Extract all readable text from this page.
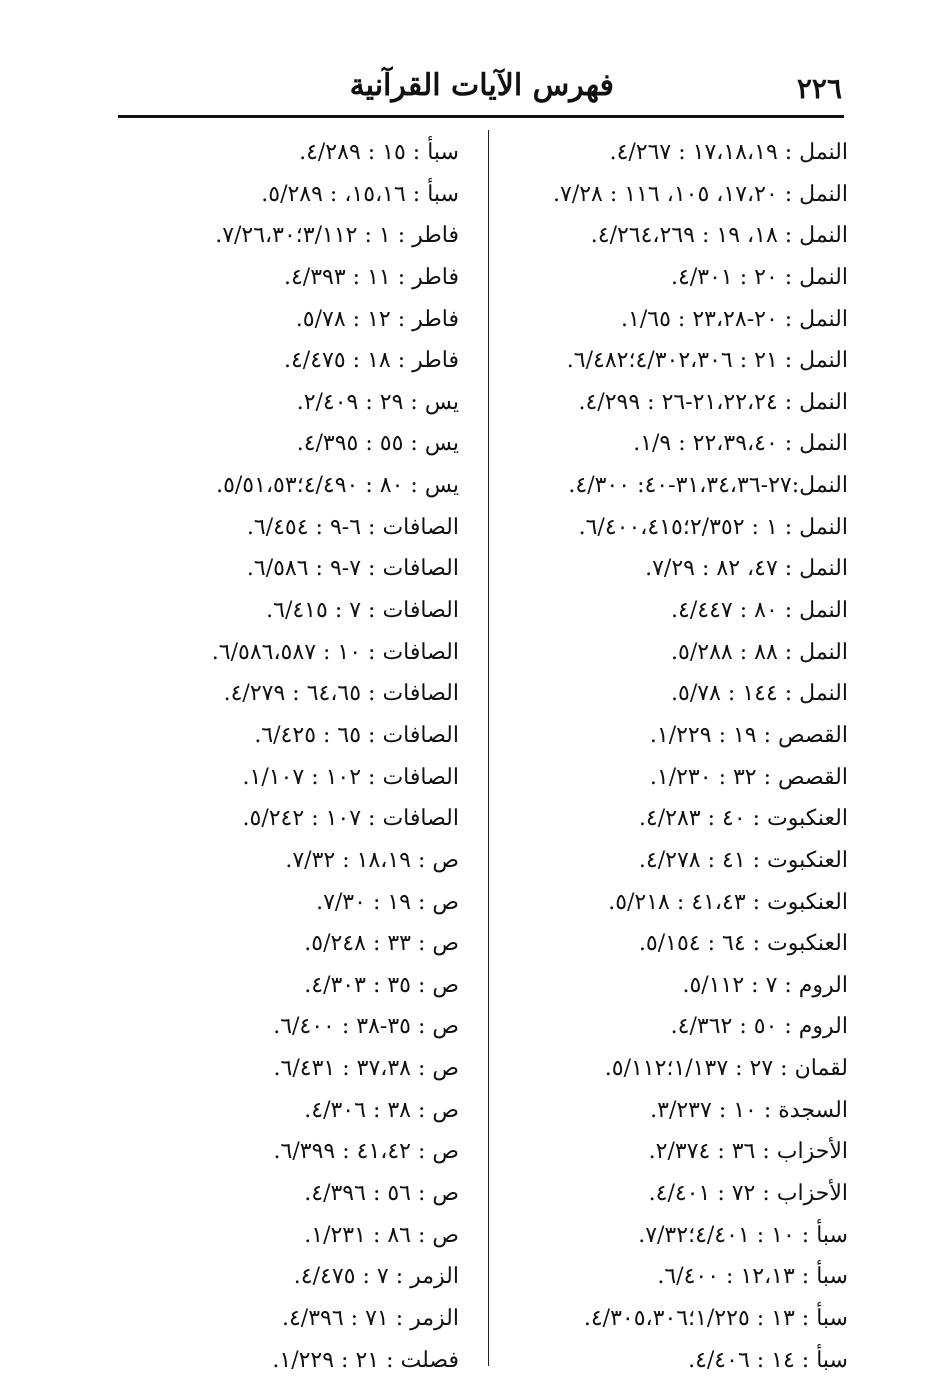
٢٢٦
فهرس الآيات القرآنية
النمل : ١٧،١٨،١٩ : ٤/٢٦٧.
النمل : ١٧،٢٠، ١٠٥، ١١٦ : ٧/٢٨.
النمل : ١٨، ١٩ : ٤/٢٦٤،٢٦٩.
النمل : ٢٠ : ٤/٣٠١.
النمل : ٢٠-٢٣،٢٨ : ١/٦٥.
النمل : ٢١ : ٤/٣٠٢،٣٠٦؛٦/٤٨٢.
النمل : ٢١،٢٢،٢٤-٢٦ : ٤/٢٩٩.
النمل : ٢٢،٣٩،٤٠ : ١/٩.
النمل:٢٧-٣١،٣٤،٣٦-٤٠: ٤/٣٠٠.
النمل : ١ : ٢/٣٥٢؛٦/٤٠٠،٤١٥.
النمل : ٤٧، ٨٢ : ٧/٢٩.
النمل : ٨٠ : ٤/٤٤٧.
النمل : ٨٨ : ٥/٢٨٨.
النمل : ١٤٤ : ٥/٧٨.
القصص : ١٩ : ١/٢٢٩.
القصص : ٣٢ : ١/٢٣٠.
العنكبوت : ٤٠ : ٤/٢٨٣.
العنكبوت : ٤١ : ٤/٢٧٨.
العنكبوت : ٤١،٤٣ : ٥/٢١٨.
العنكبوت : ٦٤ : ٥/١٥٤.
الروم : ٧ : ٥/١١٢.
الروم : ٥٠ : ٤/٣٦٢.
لقمان : ٢٧ : ١/١٣٧؛٥/١١٢.
السجدة : ١٠ : ٣/٢٣٧.
الأحزاب : ٣٦ : ٢/٣٧٤.
الأحزاب : ٧٢ : ٤/٤٠١.
سبأ : ١٠ : ٤/٤٠١؛٧/٣٢.
سبأ : ١٢،١٣ : ٦/٤٠٠.
سبأ : ١٣ : ١/٢٢٥؛٤/٣٠٥،٣٠٦.
سبأ : ١٤ : ٤/٤٠٦.
سبأ : ١٥ : ٤/٢٨٩.
سبأ : ١٥،١٦، : ٥/٢٨٩.
فاطر : ١ : ٣/١١٢؛٧/٢٦،٣٠.
فاطر : ١١ : ٤/٣٩٣.
فاطر : ١٢ : ٥/٧٨.
فاطر : ١٨ : ٤/٤٧٥.
يس : ٢٩ : ٢/٤٠٩.
يس : ٥٥ : ٤/٣٩٥.
يس : ٨٠ : ٤/٤٩٠؛٥/٥١،٥٣.
الصافات : ٦-٩ : ٦/٤٥٤.
الصافات : ٧-٩ : ٦/٥٨٦.
الصافات : ٧ : ٦/٤١٥.
الصافات : ١٠ : ٦/٥٨٦،٥٨٧.
الصافات : ٦٤،٦٥ : ٤/٢٧٩.
الصافات : ٦٥ : ٦/٤٢٥.
الصافات : ١٠٢ : ١/١٠٧.
الصافات : ١٠٧ : ٥/٢٤٢.
ص : ١٨،١٩ : ٧/٣٢.
ص : ١٩ : ٧/٣٠.
ص : ٣٣ : ٥/٢٤٨.
ص : ٣٥ : ٤/٣٠٣.
ص : ٣٥-٣٨ : ٦/٤٠٠.
ص : ٣٧،٣٨ : ٦/٤٣١.
ص : ٣٨ : ٤/٣٠٦.
ص : ٤١،٤٢ : ٦/٣٩٩.
ص : ٥٦ : ٤/٣٩٦.
ص : ٨٦ : ١/٢٣١.
الزمر : ٧ : ٤/٤٧٥.
الزمر : ٧١ : ٤/٣٩٦.
فصلت : ٢١ : ١/٢٢٩.
